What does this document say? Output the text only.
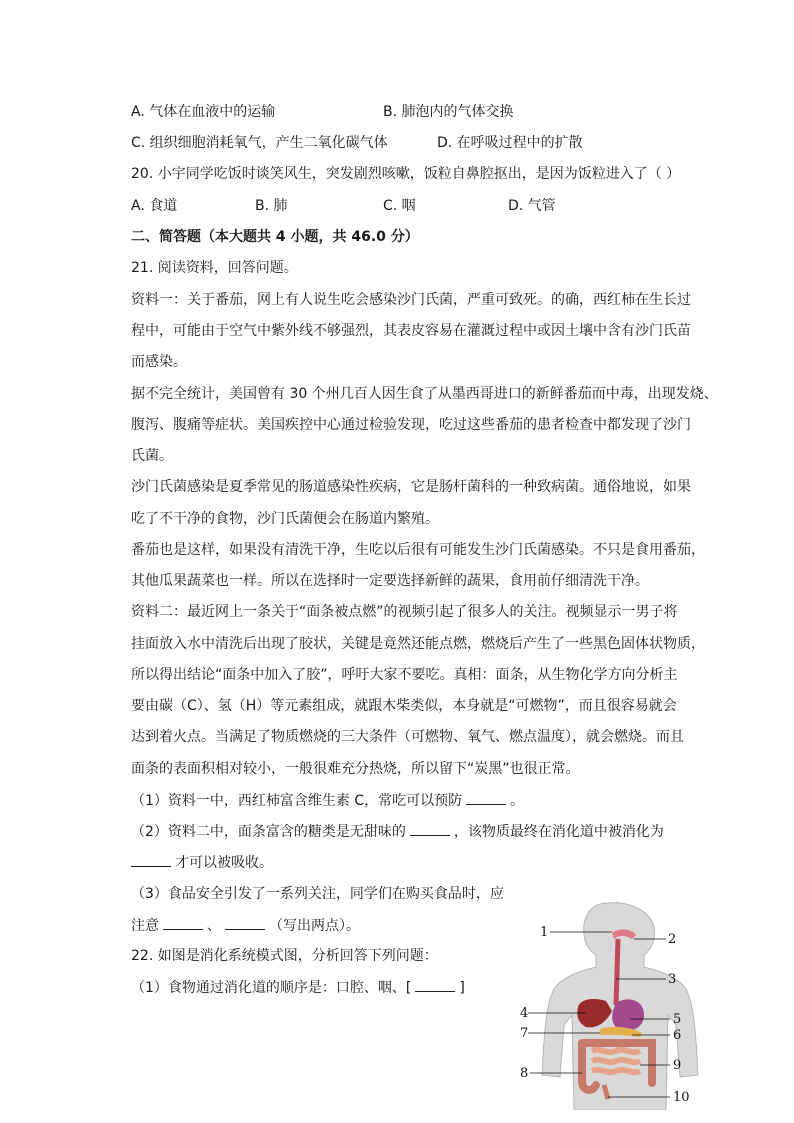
A. 气体在血液中的运输	B. 肺泡内的气体交换
C. 组织细胞消耗氧气，产生二氧化碳气体	D. 在呼吸过程中的扩散
20. 小宇同学吃饭时谈笑风生，突发剧烈咳嗽，饭粒自鼻腔抠出，是因为饭粒进入了（ ）
A. 食道	B. 肺	C. 咽	D. 气管
二、简答题（本大题共 4 小题，共 46.0 分）
21. 阅读资料，回答问题。
资料一：关于番茄，网上有人说生吃会感染沙门氏菌，严重可致死。的确，西红柿在生长过
程中，可能由于空气中紫外线不够强烈，其表皮容易在灌溉过程中或因土壤中含有沙门氏苗
而感染。
据不完全统计，美国曾有 30 个州几百人因生食了从墨西哥进口的新鲜番茄而中毒，出现发烧、
腹泻、腹痛等症状。美国疾控中心通过检验发现，吃过这些番茄的患者检查中都发现了沙门
氏菌。
沙门氏菌感染是夏季常见的肠道感染性疾病，它是肠杆菌科的一种致病菌。通俗地说，如果
吃了不干净的食物，沙门氏菌便会在肠道内繁殖。
番茄也是这样，如果没有清洗干净，生吃以后很有可能发生沙门氏菌感染。不只是食用番茄，
其他瓜果蔬菜也一样。所以在选择时一定要选择新鲜的蔬果，食用前仔细清洗干净。
资料二：最近网上一条关于“面条被点燃”的视频引起了很多人的关注。视频显示一男子将
挂面放入水中清洗后出现了胶状，关键是竟然还能点燃，燃烧后产生了一些黑色固体状物质，
所以得出结论“面条中加入了胶”，呼吁大家不要吃。真相：面条，从生物化学方向分析主
要由碳（C）、氢（H）等元素组成，就跟木柴类似，本身就是“可燃物”，而且很容易就会
达到着火点。当满足了物质燃烧的三大条件（可燃物、氧气、燃点温度），就会燃烧。而且
面条的表面积相对较小，一般很难充分热烧，所以留下“炭黑”也很正常。
（1）资料一中，西红柿富含维生素 C，常吃可以预防	。
（2）资料二中，面条富含的糖类是无甜味的	，该物质最终在消化道中被消化为
才可以被吸收。
（3）食品安全引发了一系列关注，同学们在购买食品时，应
注意	、	（写出两点）。
22. 如图是消化系统模式图，分析回答下列问题：
（1）食物通过消化道的顺序是：口腔、咽、[	]
1	2
3
4	5
6
7
8
9
10
